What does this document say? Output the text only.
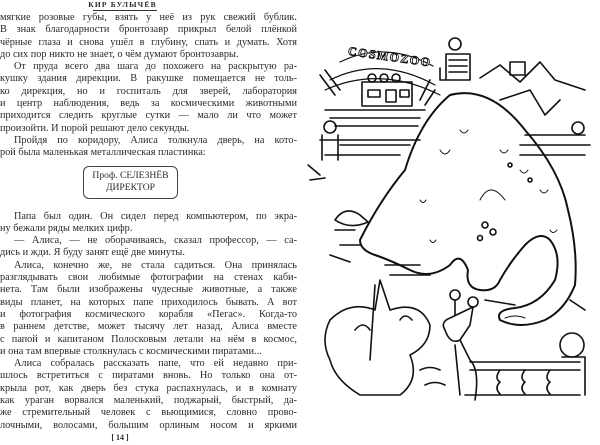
КИР БУЛЫЧЁВ
мягкие розовые губы, взять у неё из рук свежий бублик.
В знак благодарности бронтозавр прикрыл белой плёнкой
чёрные глаза и снова ушёл в глубину, спать и думать. Хотя
до сих пор никто не знает, о чём думают бронтозавры.
От пруда всего два шага до похожего на раскрытую ра-
кушку здания дирекции. В ракушке помещается не толь-
ко дирекция, но и госпиталь для зверей, лаборатория
и центр наблюдения, ведь за космическими животными
приходится следить круглые сутки — мало ли что может
произойти. И порой решают дело секунды.
Пройдя по коридору, Алиса толкнула дверь, на кото-
рой была маленькая металлическая пластинка:
Проф. СЕЛЕЗНЁВ
ДИРЕКТОР
Папа был один. Он сидел перед компьютером, по экра-
ну бежали ряды мелких цифр.
— Алиса, — не оборачиваясь, сказал профессор, — са-
дись и жди. Я буду занят ещё две минуты.
Алиса, конечно же, не стала садиться. Она принялась
разглядывать свои любимые фотографии на стенах каби-
нета. Там были изображены чудесные животные, а также
виды планет, на которых папе приходилось бывать. А вот
и фотография космического корабля «Пегас». Когда-то
в раннем детстве, может тысячу лет назад, Алиса вместе
с папой и капитаном Полосковым летали на нём в космос,
и она там впервые столкнулась с космическими пиратами...
Алиса собралась рассказать папе, что ей недавно при-
шлось встретиться с пиратами вновь. Но только она от-
крыла рот, как дверь без стука распахнулась, и в комнату
как ураган ворвался маленький, поджарый, быстрый, да-
же стремительный человек с вьющимися, словно прово-
лочными, волосами, большим орлиным носом и яркими
[ 14 ]
COSMOZOO
